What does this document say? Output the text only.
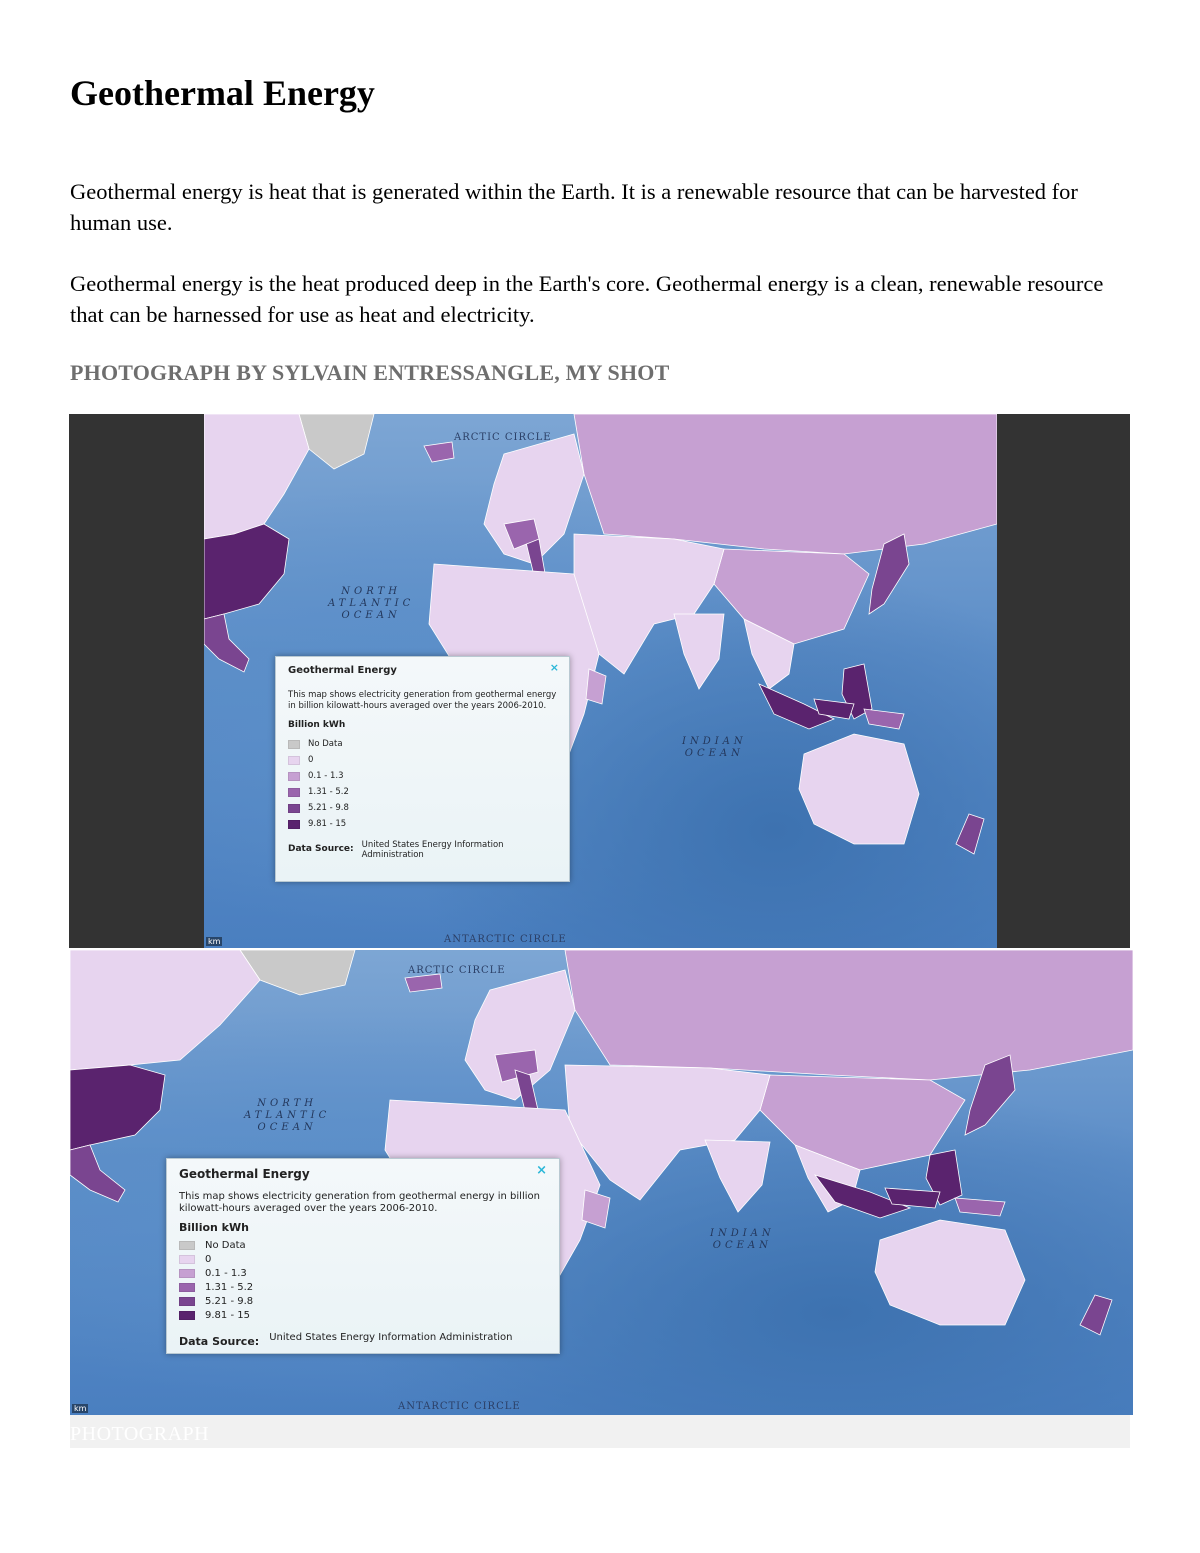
Geothermal Energy

Geothermal energy is heat that is generated within the Earth. It is a renewable resource that can be harvested for human use.

Geothermal energy is the heat produced deep in the Earth's core. Geothermal energy is a clean, renewable resource that can be harnessed for use as heat and electricity.

PHOTOGRAPH BY SYLVAIN ENTRESSANGLE, MY SHOT

ARCTIC CIRCLE
ANTARCTIC CIRCLE
NORTH
ATLANTIC
OCEAN
INDIAN
OCEAN
km
Geothermal Energy	×
This map shows electricity generation from geothermal energy in billion kilowatt-hours averaged over the years 2006-2010.
Billion kWh
No Data
0
0.1 - 1.3
1.31 - 5.2
5.21 - 9.8
9.81 - 15
Data Source: United States Energy Information Administration
ARCTIC CIRCLE
ANTARCTIC CIRCLE
NORTH
ATLANTIC
OCEAN
INDIAN
OCEAN
km
Geothermal Energy	×
This map shows electricity generation from geothermal energy in billion kilowatt-hours averaged over the years 2006-2010.
Billion kWh
No Data
0
0.1 - 1.3
1.31 - 5.2
5.21 - 9.8
9.81 - 15
Data Source: United States Energy Information Administration
PHOTOGRAPH
